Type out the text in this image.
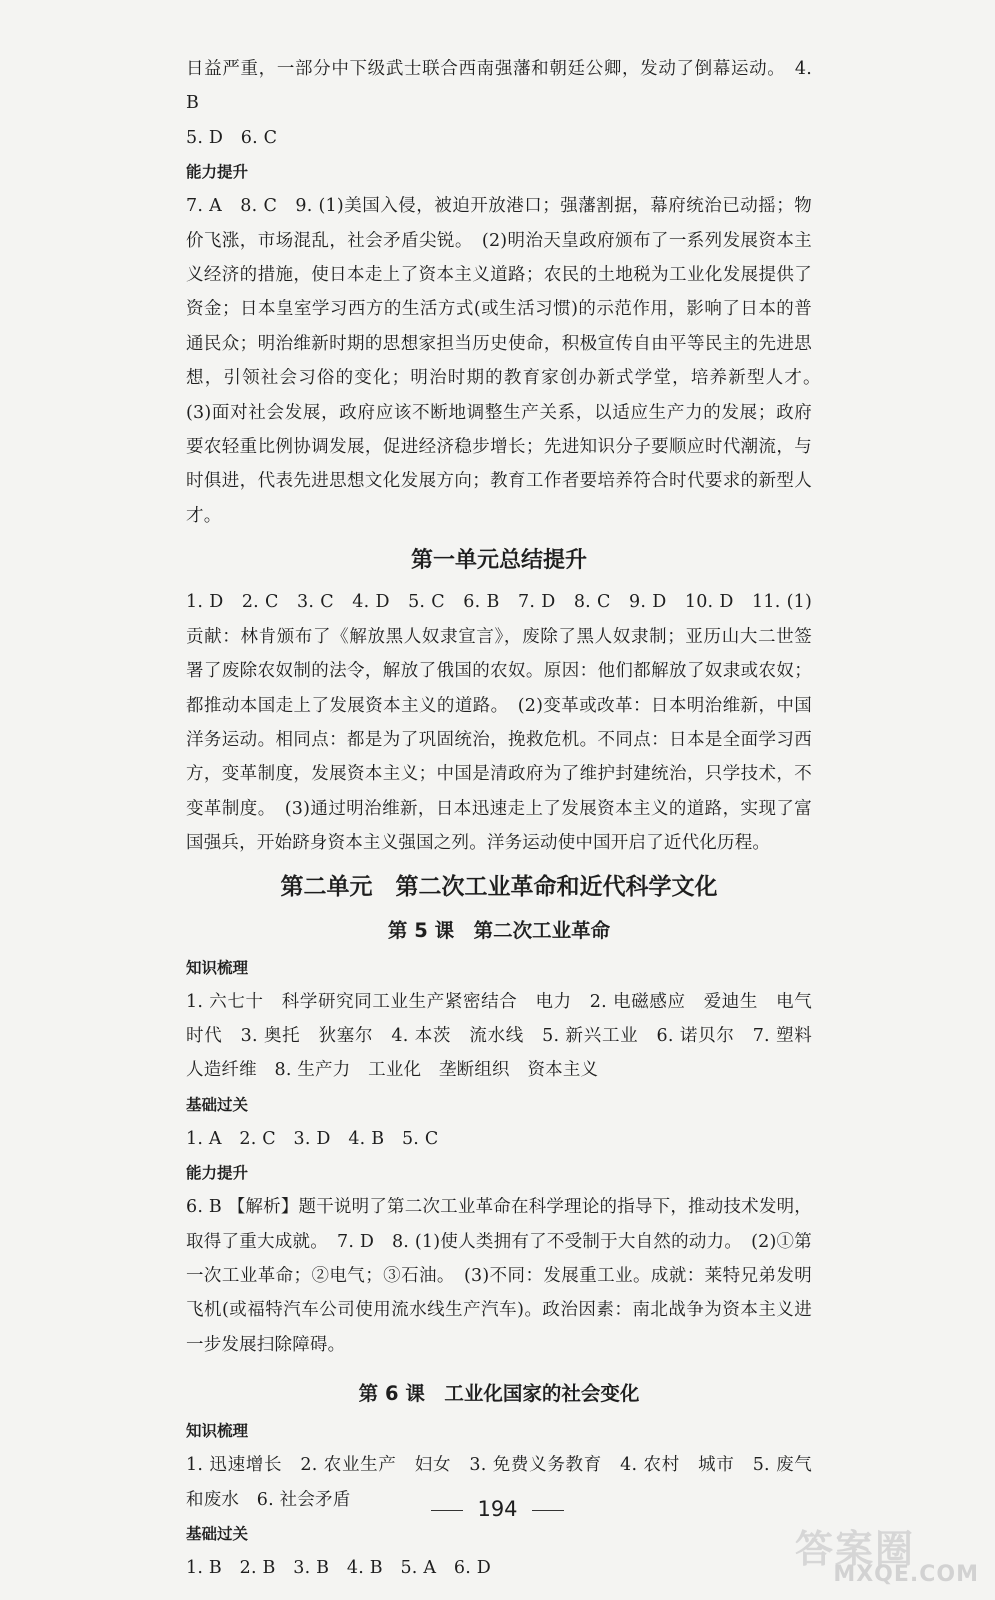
日益严重，一部分中下级武士联合西南强藩和朝廷公卿，发动了倒幕运动。　4. B

5. D　6. C

能力提升

7. A　8. C　9. (1)美国入侵，被迫开放港口；强藩割据，幕府统治已动摇；物价飞涨，市场混乱，社会矛盾尖锐。　(2)明治天皇政府颁布了一系列发展资本主义经济的措施，使日本走上了资本主义道路；农民的土地税为工业化发展提供了资金；日本皇室学习西方的生活方式(或生活习惯)的示范作用，影响了日本的普通民众；明治维新时期的思想家担当历史使命，积极宣传自由平等民主的先进思想，引领社会习俗的变化；明治时期的教育家创办新式学堂，培养新型人才。　(3)面对社会发展，政府应该不断地调整生产关系，以适应生产力的发展；政府要农轻重比例协调发展，促进经济稳步增长；先进知识分子要顺应时代潮流，与时俱进，代表先进思想文化发展方向；教育工作者要培养符合时代要求的新型人才。

第一单元总结提升

1. D　2. C　3. C　4. D　5. C　6. B　7. D　8. C　9. D　10. D　11. (1)贡献：林肯颁布了《解放黑人奴隶宣言》，废除了黑人奴隶制；亚历山大二世签署了废除农奴制的法令，解放了俄国的农奴。原因：他们都解放了奴隶或农奴；都推动本国走上了发展资本主义的道路。　(2)变革或改革：日本明治维新，中国洋务运动。相同点：都是为了巩固统治，挽救危机。不同点：日本是全面学习西方，变革制度，发展资本主义；中国是清政府为了维护封建统治，只学技术，不变革制度。　(3)通过明治维新，日本迅速走上了发展资本主义的道路，实现了富国强兵，开始跻身资本主义强国之列。洋务运动使中国开启了近代化历程。

第二单元　第二次工业革命和近代科学文化
第 5 课　第二次工业革命

知识梳理

1. 六七十　科学研究同工业生产紧密结合　电力　2. 电磁感应　爱迪生　电气时代　3. 奥托　狄塞尔　4. 本茨　流水线　5. 新兴工业　6. 诺贝尔　7. 塑料　人造纤维　8. 生产力　工业化　垄断组织　资本主义

基础过关

1. A　2. C　3. D　4. B　5. C

能力提升

6. B 【解析】题干说明了第二次工业革命在科学理论的指导下，推动技术发明，取得了重大成就。　7. D　8. (1)使人类拥有了不受制于大自然的动力。　(2)①第一次工业革命；②电气；③石油。　(3)不同：发展重工业。成就：莱特兄弟发明飞机(或福特汽车公司使用流水线生产汽车)。政治因素：南北战争为资本主义进一步发展扫除障碍。

第 6 课　工业化国家的社会变化

知识梳理

1. 迅速增长　2. 农业生产　妇女　3. 免费义务教育　4. 农村　城市　5. 废气和废水　6. 社会矛盾

基础过关

1. B　2. B　3. B　4. B　5. A　6. D

194
答案圈
MXQE.COM
